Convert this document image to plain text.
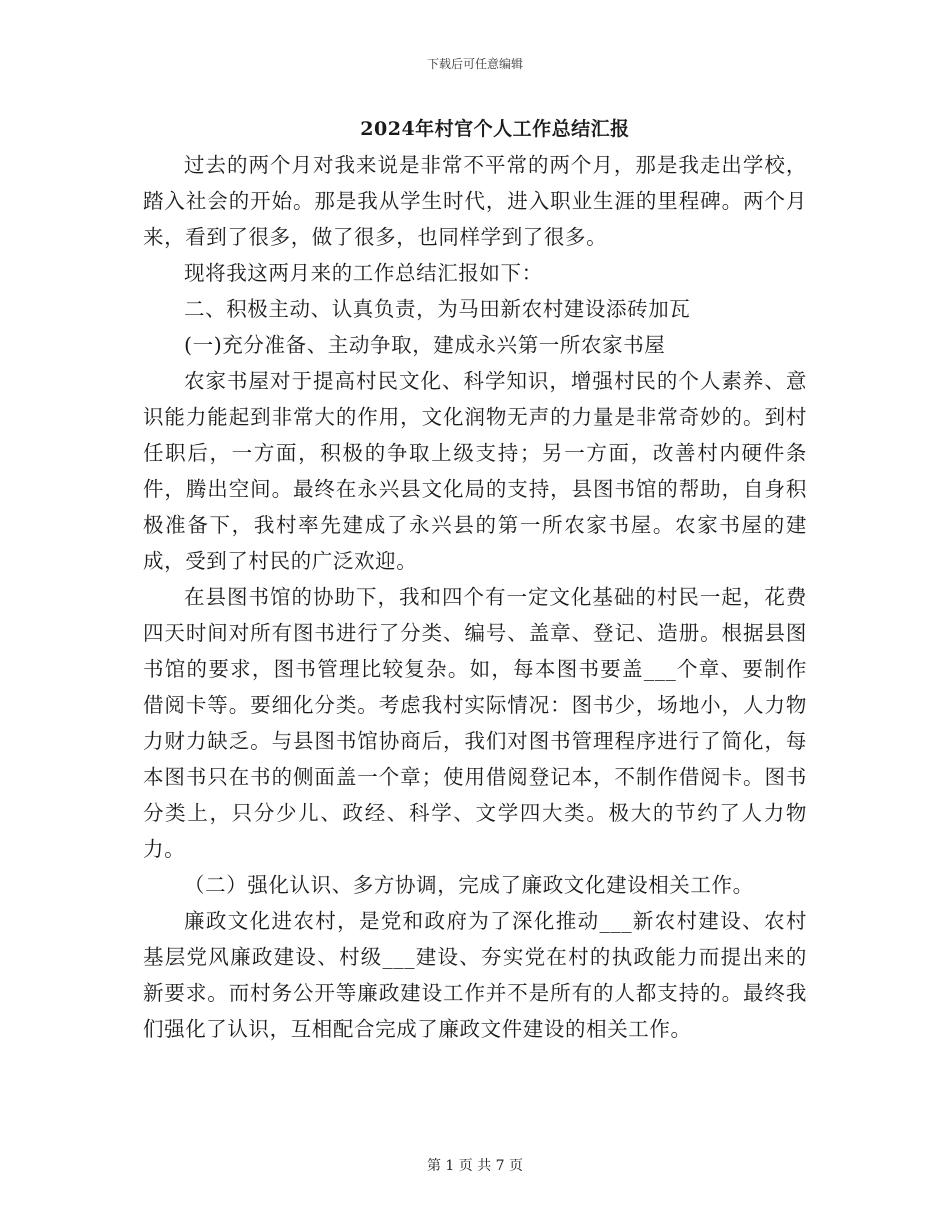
下载后可任意编辑
2024年村官个人工作总结汇报

过去的两个月对我来说是非常不平常的两个月，那是我走出学校，踏入社会的开始。那是我从学生时代，进入职业生涯的里程碑。两个月来，看到了很多，做了很多，也同样学到了很多。

现将我这两月来的工作总结汇报如下：

二、积极主动、认真负责，为马田新农村建设添砖加瓦

(一)充分准备、主动争取，建成永兴第一所农家书屋

农家书屋对于提高村民文化、科学知识，增强村民的个人素养、意识能力能起到非常大的作用，文化润物无声的力量是非常奇妙的。到村任职后，一方面，积极的争取上级支持；另一方面，改善村内硬件条件，腾出空间。最终在永兴县文化局的支持，县图书馆的帮助，自身积极准备下，我村率先建成了永兴县的第一所农家书屋。农家书屋的建成，受到了村民的广泛欢迎。

在县图书馆的协助下，我和四个有一定文化基础的村民一起，花费四天时间对所有图书进行了分类、编号、盖章、登记、造册。根据县图书馆的要求，图书管理比较复杂。如，每本图书要盖___个章、要制作借阅卡等。要细化分类。考虑我村实际情况：图书少，场地小，人力物力财力缺乏。与县图书馆协商后，我们对图书管理程序进行了简化，每本图书只在书的侧面盖一个章；使用借阅登记本，不制作借阅卡。图书分类上，只分少儿、政经、科学、文学四大类。极大的节约了人力物力。

（二）强化认识、多方协调，完成了廉政文化建设相关工作。

廉政文化进农村，是党和政府为了深化推动___新农村建设、农村基层党风廉政建设、村级___建设、夯实党在村的执政能力而提出来的新要求。而村务公开等廉政建设工作并不是所有的人都支持的。最终我们强化了认识，互相配合完成了廉政文件建设的相关工作。

第 1 页 共 7 页
